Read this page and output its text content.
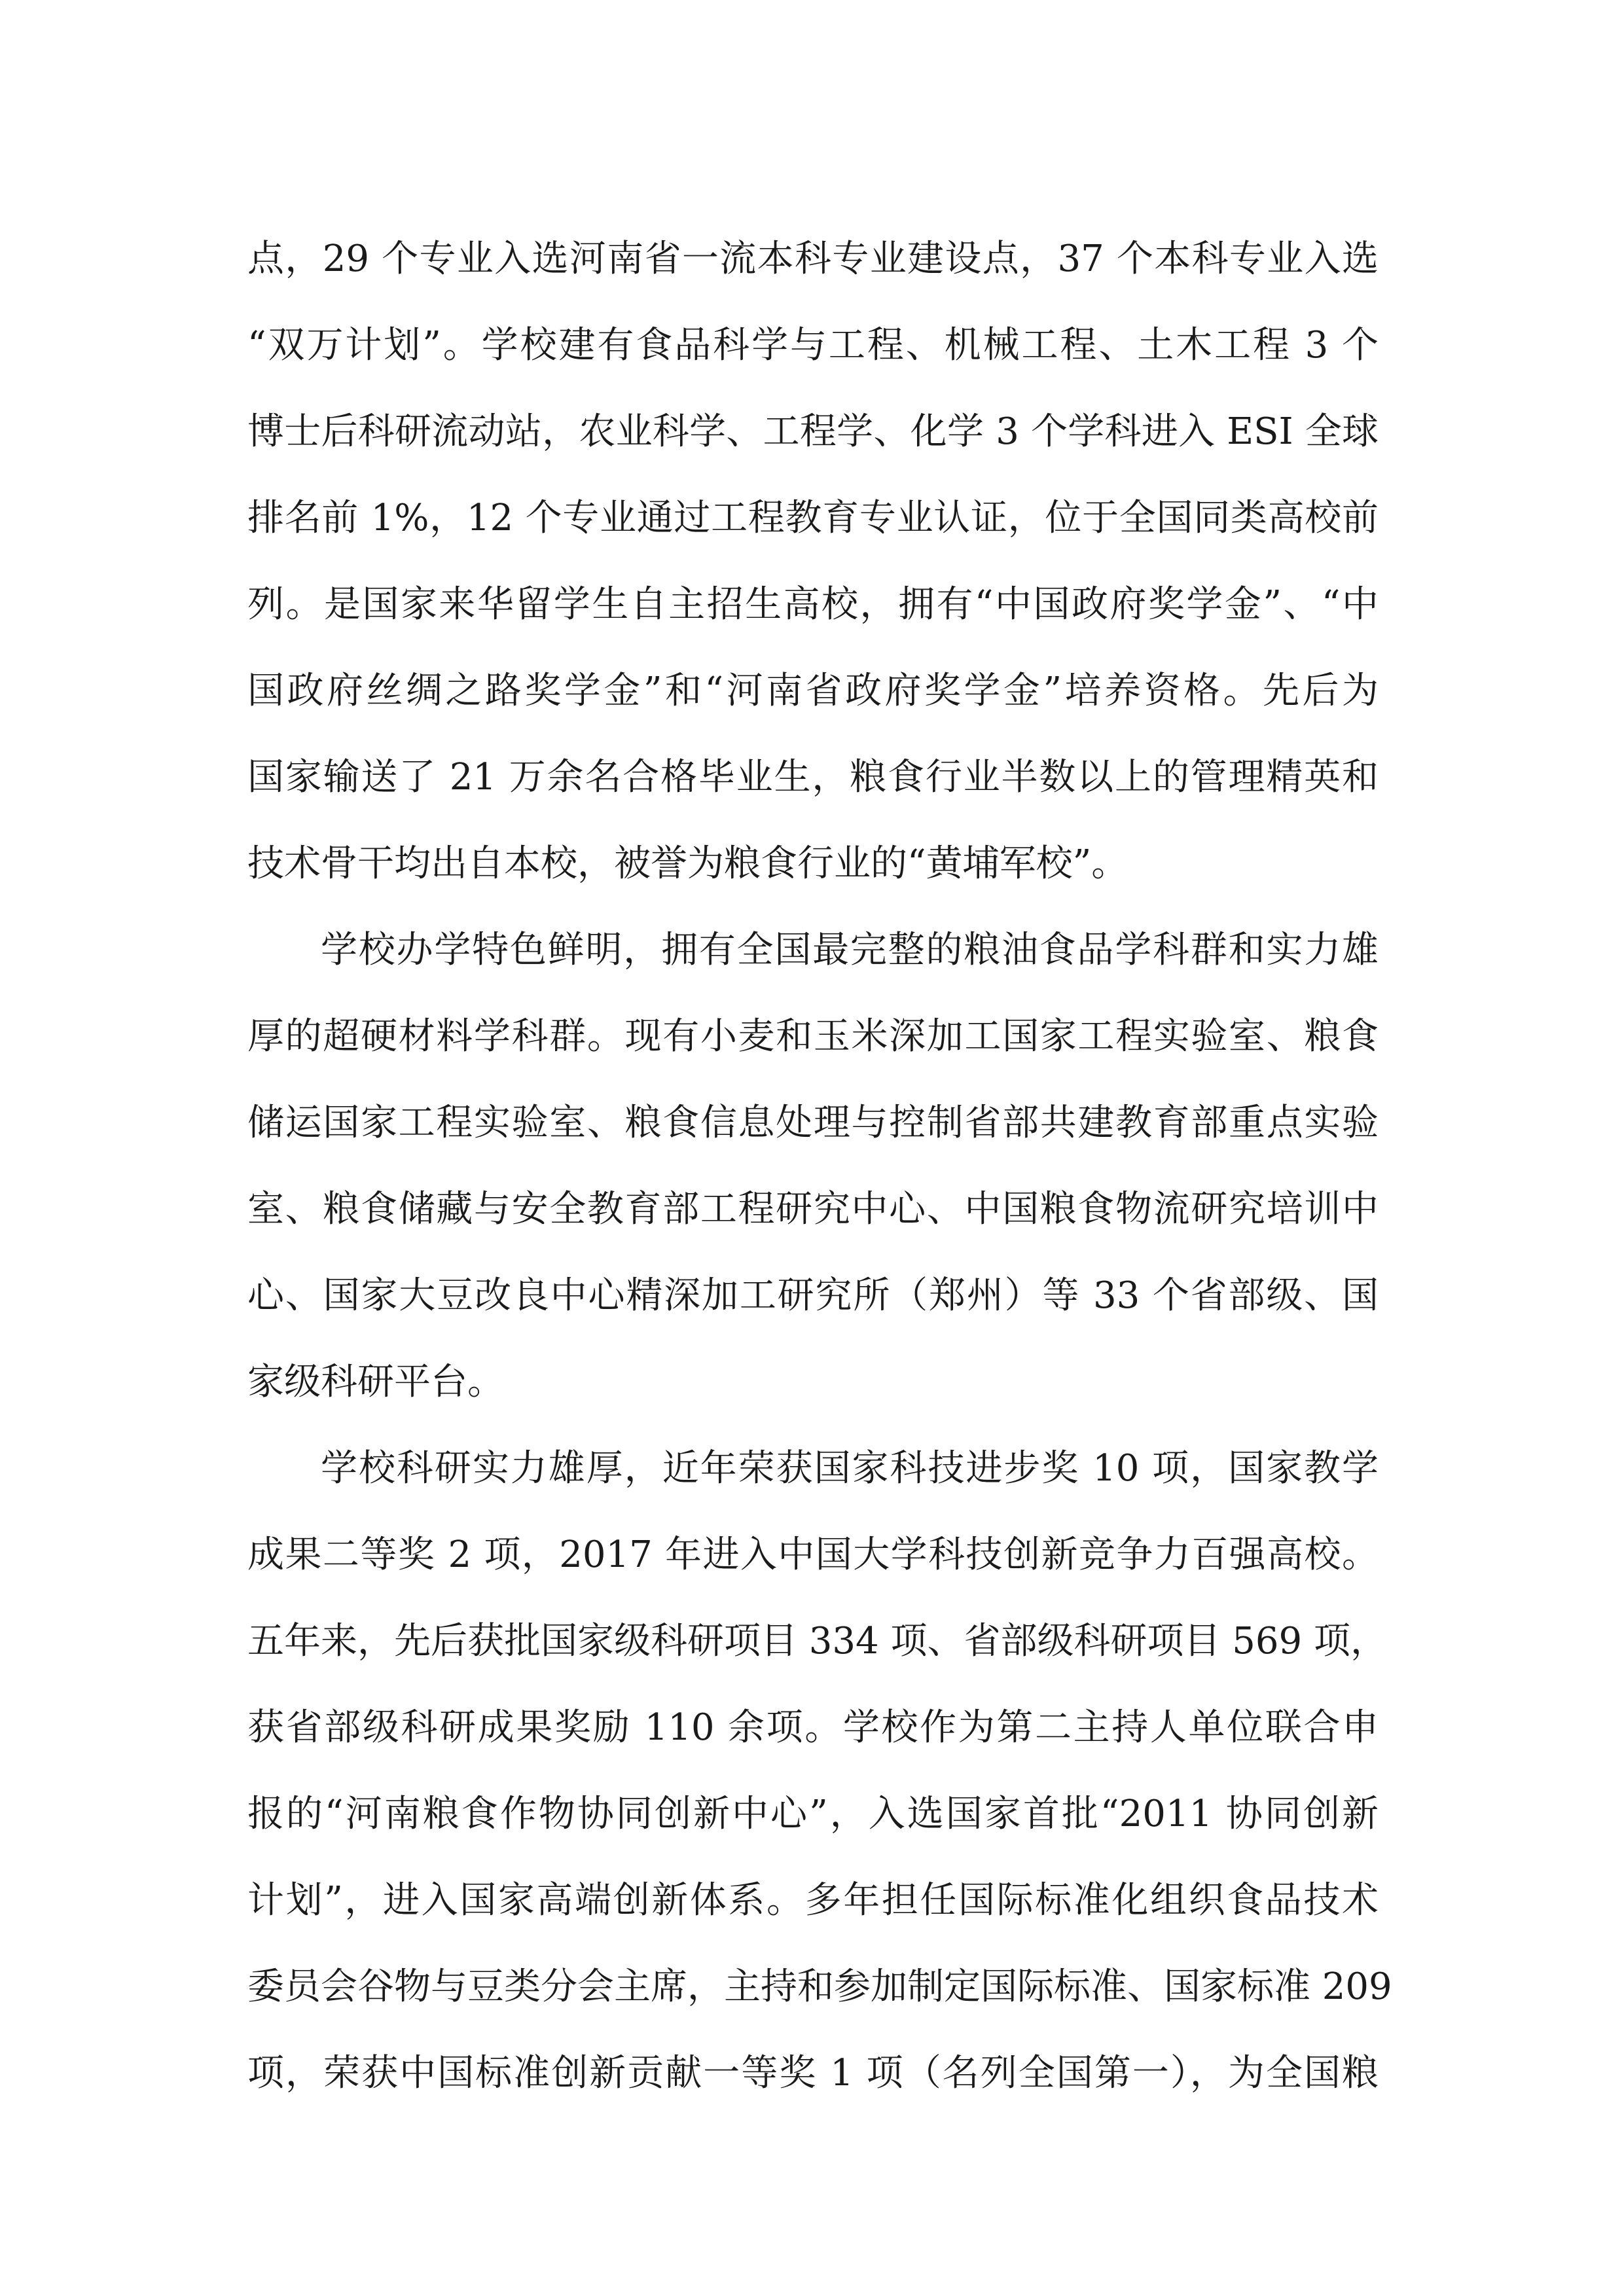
点，29 个专业入选河南省一流本科专业建设点，37 个本科专业入选
“双万计划”。学校建有食品科学与工程、机械工程、土木工程 3 个
博士后科研流动站，农业科学、工程学、化学 3 个学科进入 ESI 全球
排名前 1%，12 个专业通过工程教育专业认证，位于全国同类高校前
列。是国家来华留学生自主招生高校，拥有“中国政府奖学金”、“中
国政府丝绸之路奖学金”和“河南省政府奖学金”培养资格。先后为
国家输送了 21 万余名合格毕业生，粮食行业半数以上的管理精英和
技术骨干均出自本校，被誉为粮食行业的“黄埔军校”。
学校办学特色鲜明，拥有全国最完整的粮油食品学科群和实力雄
厚的超硬材料学科群。现有小麦和玉米深加工国家工程实验室、粮食
储运国家工程实验室、粮食信息处理与控制省部共建教育部重点实验
室、粮食储藏与安全教育部工程研究中心、中国粮食物流研究培训中
心、国家大豆改良中心精深加工研究所（郑州）等 33 个省部级、国
家级科研平台。
学校科研实力雄厚，近年荣获国家科技进步奖 10 项，国家教学
成果二等奖 2 项，2017 年进入中国大学科技创新竞争力百强高校。
五年来，先后获批国家级科研项目 334 项、省部级科研项目 569 项，
获省部级科研成果奖励 110 余项。学校作为第二主持人单位联合申
报的“河南粮食作物协同创新中心”，入选国家首批“2011 协同创新
计划”，进入国家高端创新体系。多年担任国际标准化组织食品技术
委员会谷物与豆类分会主席，主持和参加制定国际标准、国家标准 209
项，荣获中国标准创新贡献一等奖 1 项（名列全国第一），为全国粮
